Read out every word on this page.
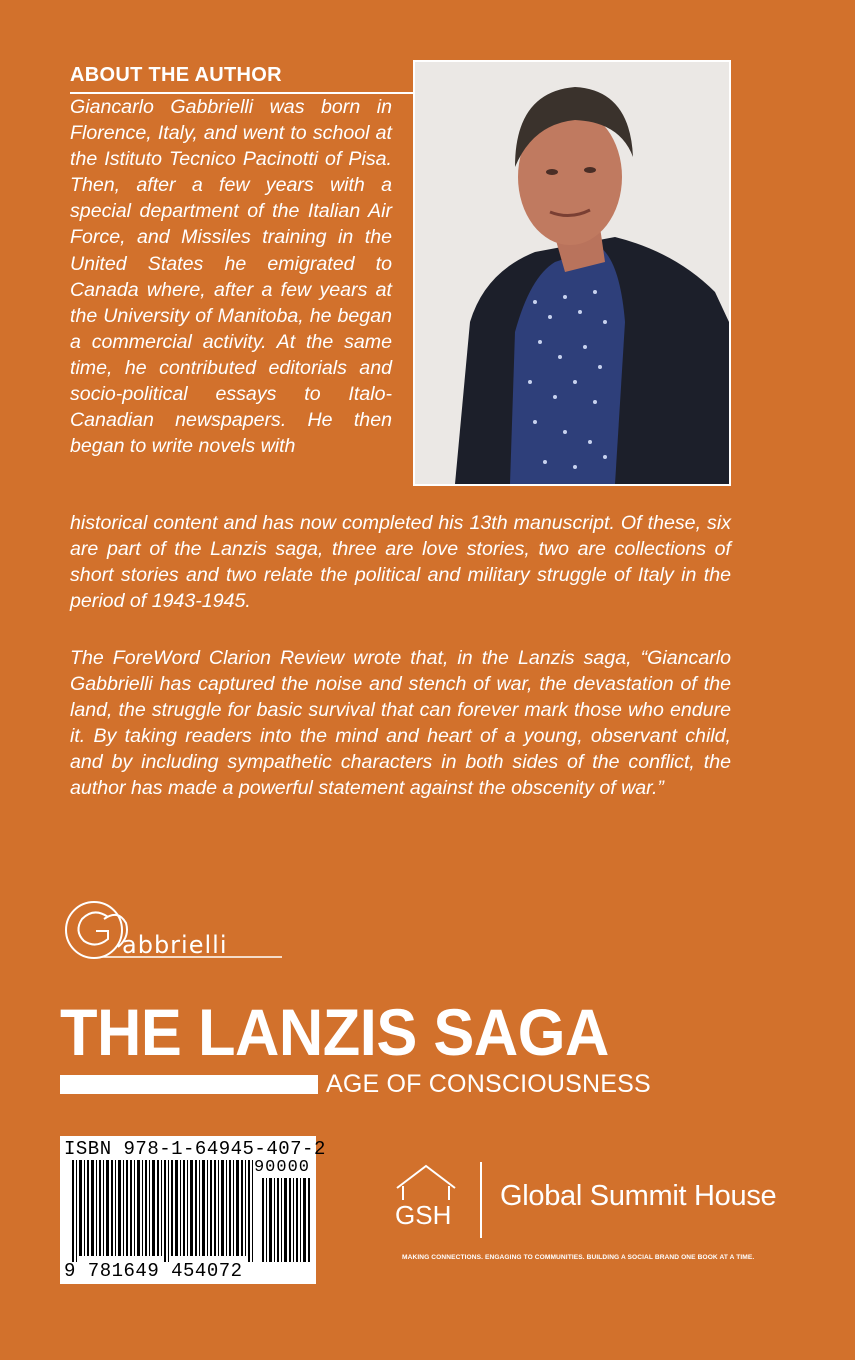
ABOUT THE AUTHOR
Giancarlo Gabbrielli was born in Florence, Italy, and went to school at the Istituto Tecnico Pacinotti of Pisa. Then, after a few years with a special department of the Italian Air Force, and Missiles training in the United States he emigrated to Canada where, after a few years at the University of Manitoba, he began a commercial activity. At the same time, he contributed editorials and socio-political essays to Italo-Canadian newspapers. He then began to write novels with
historical content and has now completed his 13th manuscript. Of these, six are part of the Lanzis saga, three are love stories, two are collections of short stories and two relate the political and military struggle of Italy in the period of 1943-1945.
The ForeWord Clarion Review wrote that, in the Lanzis saga, “Giancarlo Gabbrielli has captured the noise and stench of war, the devastation of the land, the struggle for basic survival that can forever mark those who endure it. By taking readers into the mind and heart of a young, observant child, and by including sympathetic characters in both sides of the conflict, the author has made a powerful statement against the obscenity of war.”
abbrielli
THE LANZIS SAGA
AGE OF CONSCIOUSNESS
ISBN 978-1-64945-407-2
90000
9 781649 454072
GSH
Global Summit House
MAKING CONNECTIONS. ENGAGING TO COMMUNITIES. BUILDING A SOCIAL BRAND ONE BOOK AT A TIME.
